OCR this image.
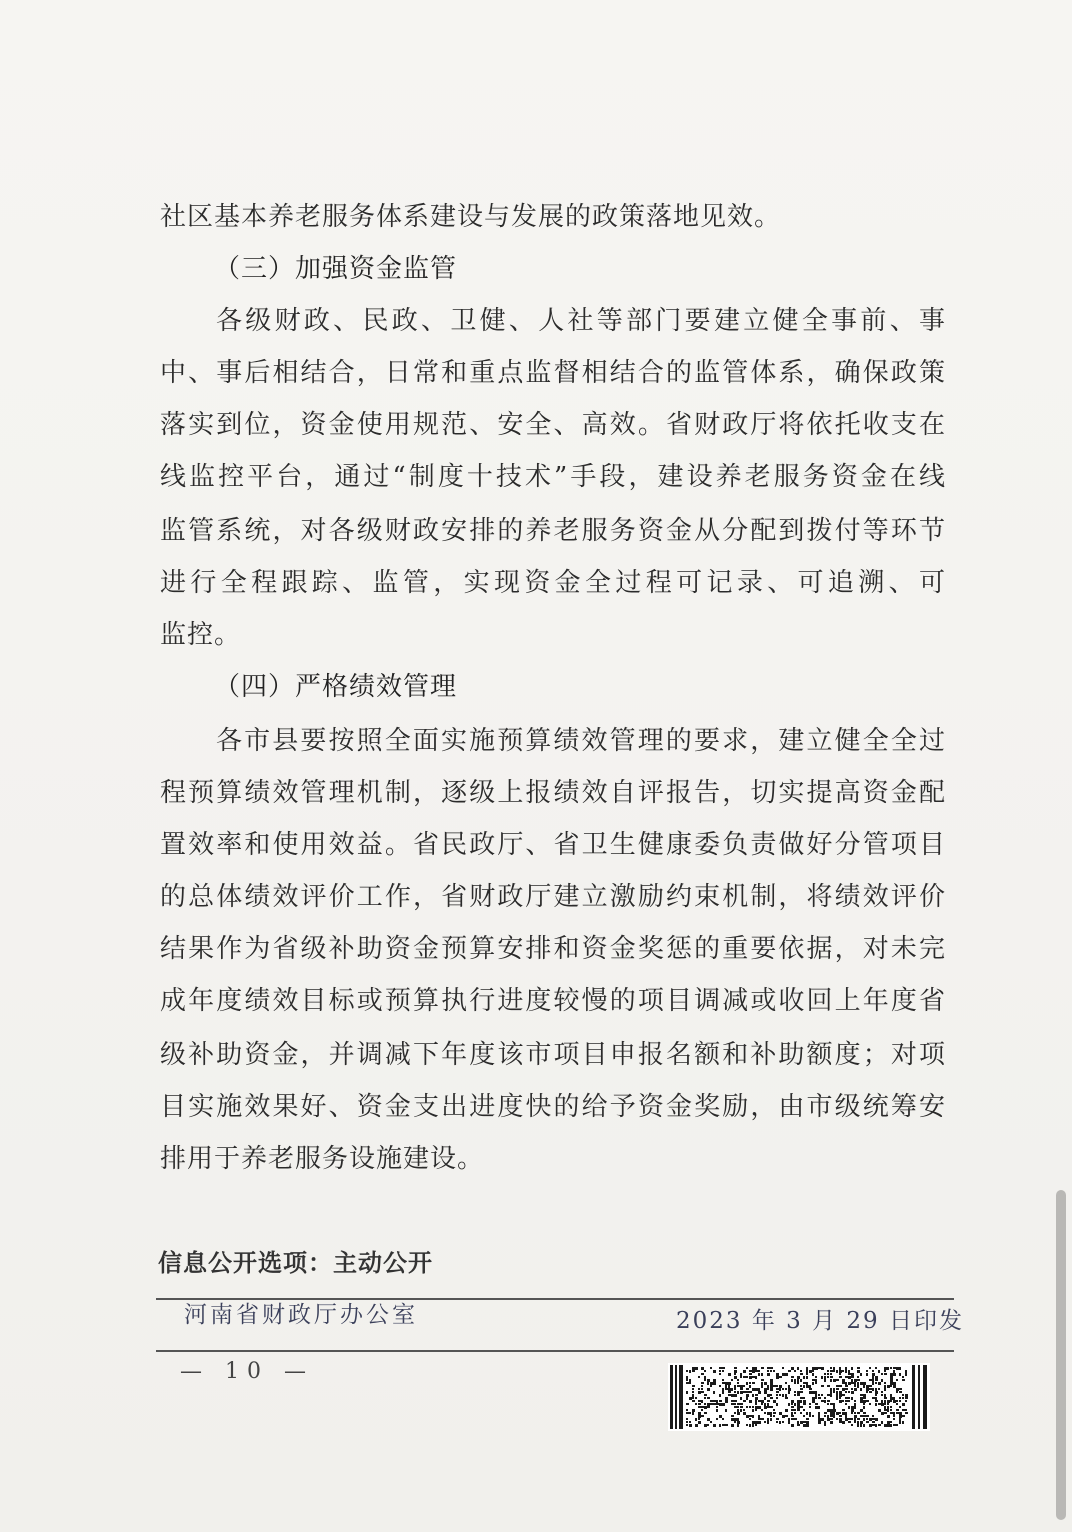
社区基本养老服务体系建设与发展的政策落地见效。
（三）加强资金监管
各级财政、民政、卫健、人社等部门要建立健全事前、事
中、事后相结合，日常和重点监督相结合的监管体系，确保政策
落实到位，资金使用规范、安全、高效。省财政厅将依托收支在
线监控平台，通过“制度十技术”手段，建设养老服务资金在线
监管系统，对各级财政安排的养老服务资金从分配到拨付等环节
进行全程跟踪、监管，实现资金全过程可记录、可追溯、可
监控。
（四）严格绩效管理
各市县要按照全面实施预算绩效管理的要求，建立健全全过
程预算绩效管理机制，逐级上报绩效自评报告，切实提高资金配
置效率和使用效益。省民政厅、省卫生健康委负责做好分管项目
的总体绩效评价工作，省财政厅建立激励约束机制，将绩效评价
结果作为省级补助资金预算安排和资金奖惩的重要依据，对未完
成年度绩效目标或预算执行进度较慢的项目调减或收回上年度省
级补助资金，并调减下年度该市项目申报名额和补助额度；对项
目实施效果好、资金支出进度快的给予资金奖励，由市级统筹安
排用于养老服务设施建设。
信息公开选项：主动公开
河南省财政厅办公室	2023 年 3 月 29 日印发
— 10 —
